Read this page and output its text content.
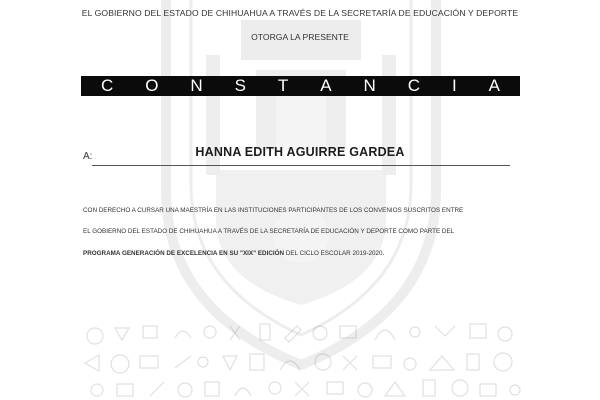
EL GOBIERNO DEL ESTADO DE CHIHUAHUA A TRAVÉS DE LA SECRETARÍA DE EDUCACIÓN Y DEPORTE
OTORGA LA PRESENTE
C O N S T A N C I A
A:	HANNA EDITH AGUIRRE GARDEA
CON DERECHO A CURSAR UNA MAESTRÍA EN LAS INSTITUCIONES PARTICIPANTES DE LOS CONVENIOS SUSCRITOS ENTRE
EL GOBIERNO DEL ESTADO DE CHIHUAHUA A TRAVÉS DE LA SECRETARÍA DE EDUCACIÓN Y DEPORTE COMO PARTE DEL
PROGRAMA GENERACIÓN DE EXCELENCIA EN SU "XIX" EDICIÓN DEL CICLO ESCOLAR 2019-2020.
